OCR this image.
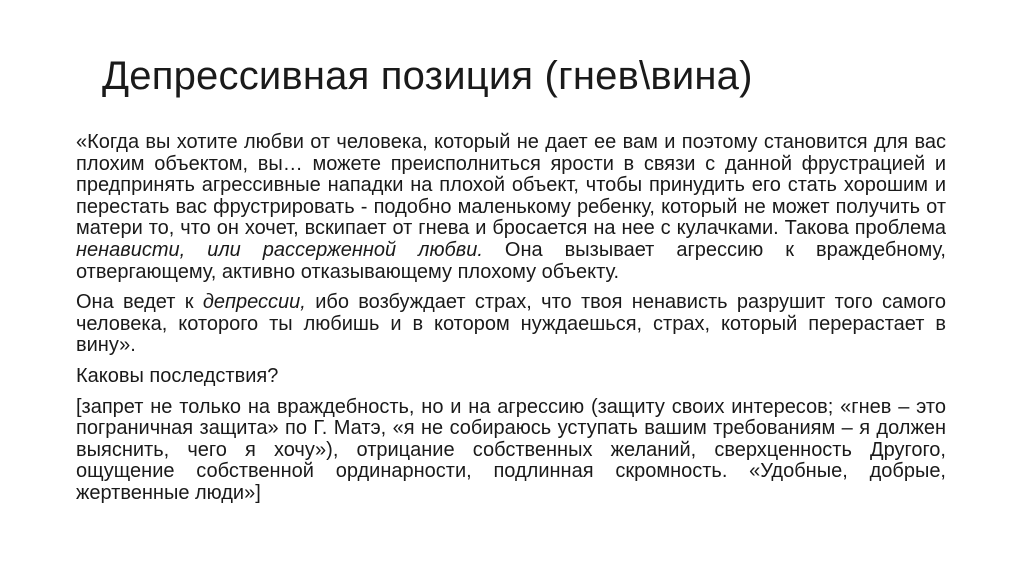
Депрессивная позиция (гнев\вина)

«Когда вы хотите любви от человека, который не дает ее вам и поэтому становится для вас плохим объектом, вы… можете преисполниться ярости в связи с данной фрустрацией и предпринять агрессивные нападки на плохой объект, чтобы принудить его стать хорошим и перестать вас фрустрировать - подобно маленькому ребенку, который не может получить от матери то, что он хочет, вскипает от гнева и бросается на нее с кулачками. Такова проблема ненависти, или рассерженной любви. Она вызывает агрессию к враждебному, отвергающему, активно отказывающему плохому объекту.

Она ведет к депрессии, ибо возбуждает страх, что твоя ненависть разрушит того самого человека, которого ты любишь и в котором нуждаешься, страх, который перерастает в вину».

Каковы последствия?

[запрет не только на враждебность, но и на агрессию (защиту своих интересов; «гнев – это пограничная защита» по Г. Матэ, «я не собираюсь уступать вашим требованиям – я должен выяснить, чего я хочу»), отрицание собственных желаний, сверхценность Другого, ощущение собственной ординарности, подлинная скромность. «Удобные, добрые, жертвенные люди»]
